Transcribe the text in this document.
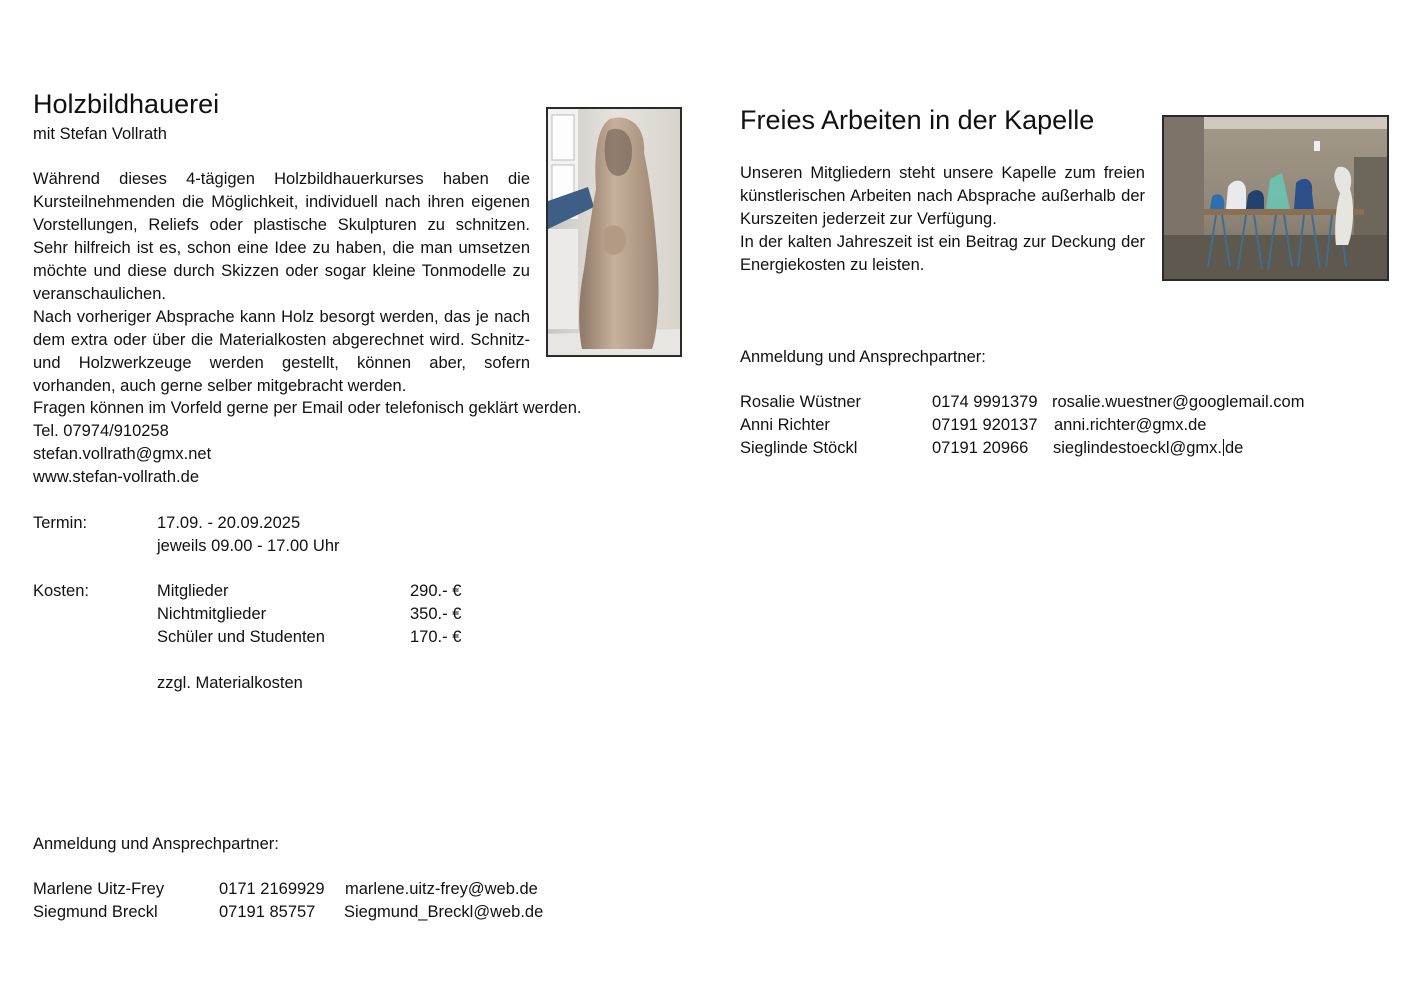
Holzbildhauerei
mit Stefan Vollrath
Während dieses 4-tägigen Holzbildhauerkurses haben die Kursteilnehmenden die Möglichkeit, individuell nach ihren eigenen Vorstellungen, Reliefs oder plastische Skulpturen zu schnitzen. Sehr hilfreich ist es, schon eine Idee zu haben, die man umsetzen möchte und diese durch Skizzen oder sogar kleine Tonmodelle zu veranschaulichen.
Nach vorheriger Absprache kann Holz besorgt werden, das je nach dem extra oder über die Materialkosten abgerechnet wird. Schnitz- und Holzwerkzeuge werden gestellt, können aber, sofern vorhanden, auch gerne selber mitgebracht werden.
Fragen können im Vorfeld gerne per Email oder telefonisch geklärt werden.
Tel. 07974/910258
stefan.vollrath@gmx.net
www.stefan-vollrath.de
Termin:	17.09. - 20.09.2025
jeweils 09.00 - 17.00 Uhr
Kosten:	Mitglieder	290.- €
Nichtmitglieder	350.- €
Schüler und Studenten	170.- €
zzgl. Materialkosten
Anmeldung und Ansprechpartner:
Marlene Uitz-Frey	0171 2169929 marlene.uitz-frey@web.de
Siegmund Breckl	07191 85757 Siegmund_Breckl@web.de
Freies Arbeiten in der Kapelle
Unseren Mitgliedern steht unsere Kapelle zum freien künstlerischen Arbeiten nach Absprache außerhalb der Kurszeiten jederzeit zur Verfügung.
In der kalten Jahreszeit ist ein Beitrag zur Deckung der Energiekosten zu leisten.
Anmeldung und Ansprechpartner:
Rosalie Wüstner	0174 9991379 rosalie.wuestner@googlemail.com
Anni Richter	07191 920137 anni.richter@gmx.de
Sieglinde Stöckl	07191 20966 sieglindestoeckl@gmx. de
